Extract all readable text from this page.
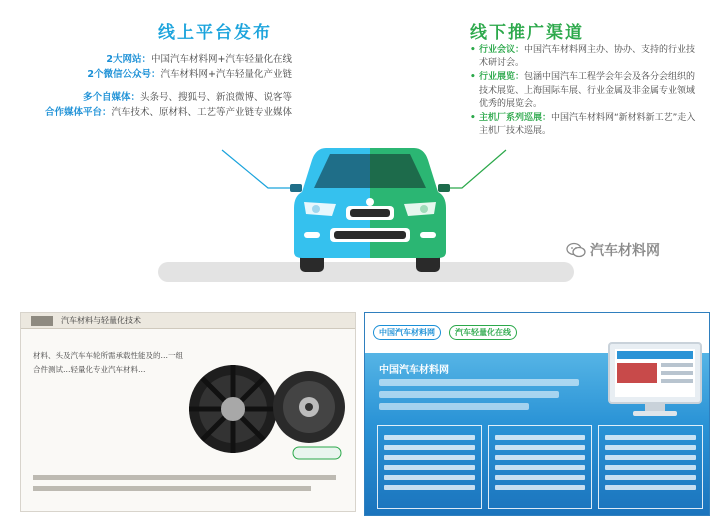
线上平台发布	线下推广渠道
2大网站：中国汽车材料网+汽车轻量化在线
2个微信公众号：汽车材料网+汽车轻量化产业链
多个自媒体：头条号、搜狐号、新浪微博、说客等
合作媒体平台：汽车技术、原材料、工艺等产业链专业媒体
• 行业会议：中国汽车材料网主办、协办、支持的行业技术研讨会。
• 行业展览：包涵中国汽车工程学会年会及各分会组织的技术展览、上海国际车展、行业金属及非金属专业领域优秀的展览会。
• 主机厂系列巡展：中国汽车材料网“新材料新工艺”走入主机厂技术巡展。
汽车材料网
汽车材料与轻量化技术
材料、头及汽车车轮所需承载性能及的…一组合件测试…轻量化专业汽车材料…
中国汽车材料网	汽车轻量化在线
中国汽车材料网
